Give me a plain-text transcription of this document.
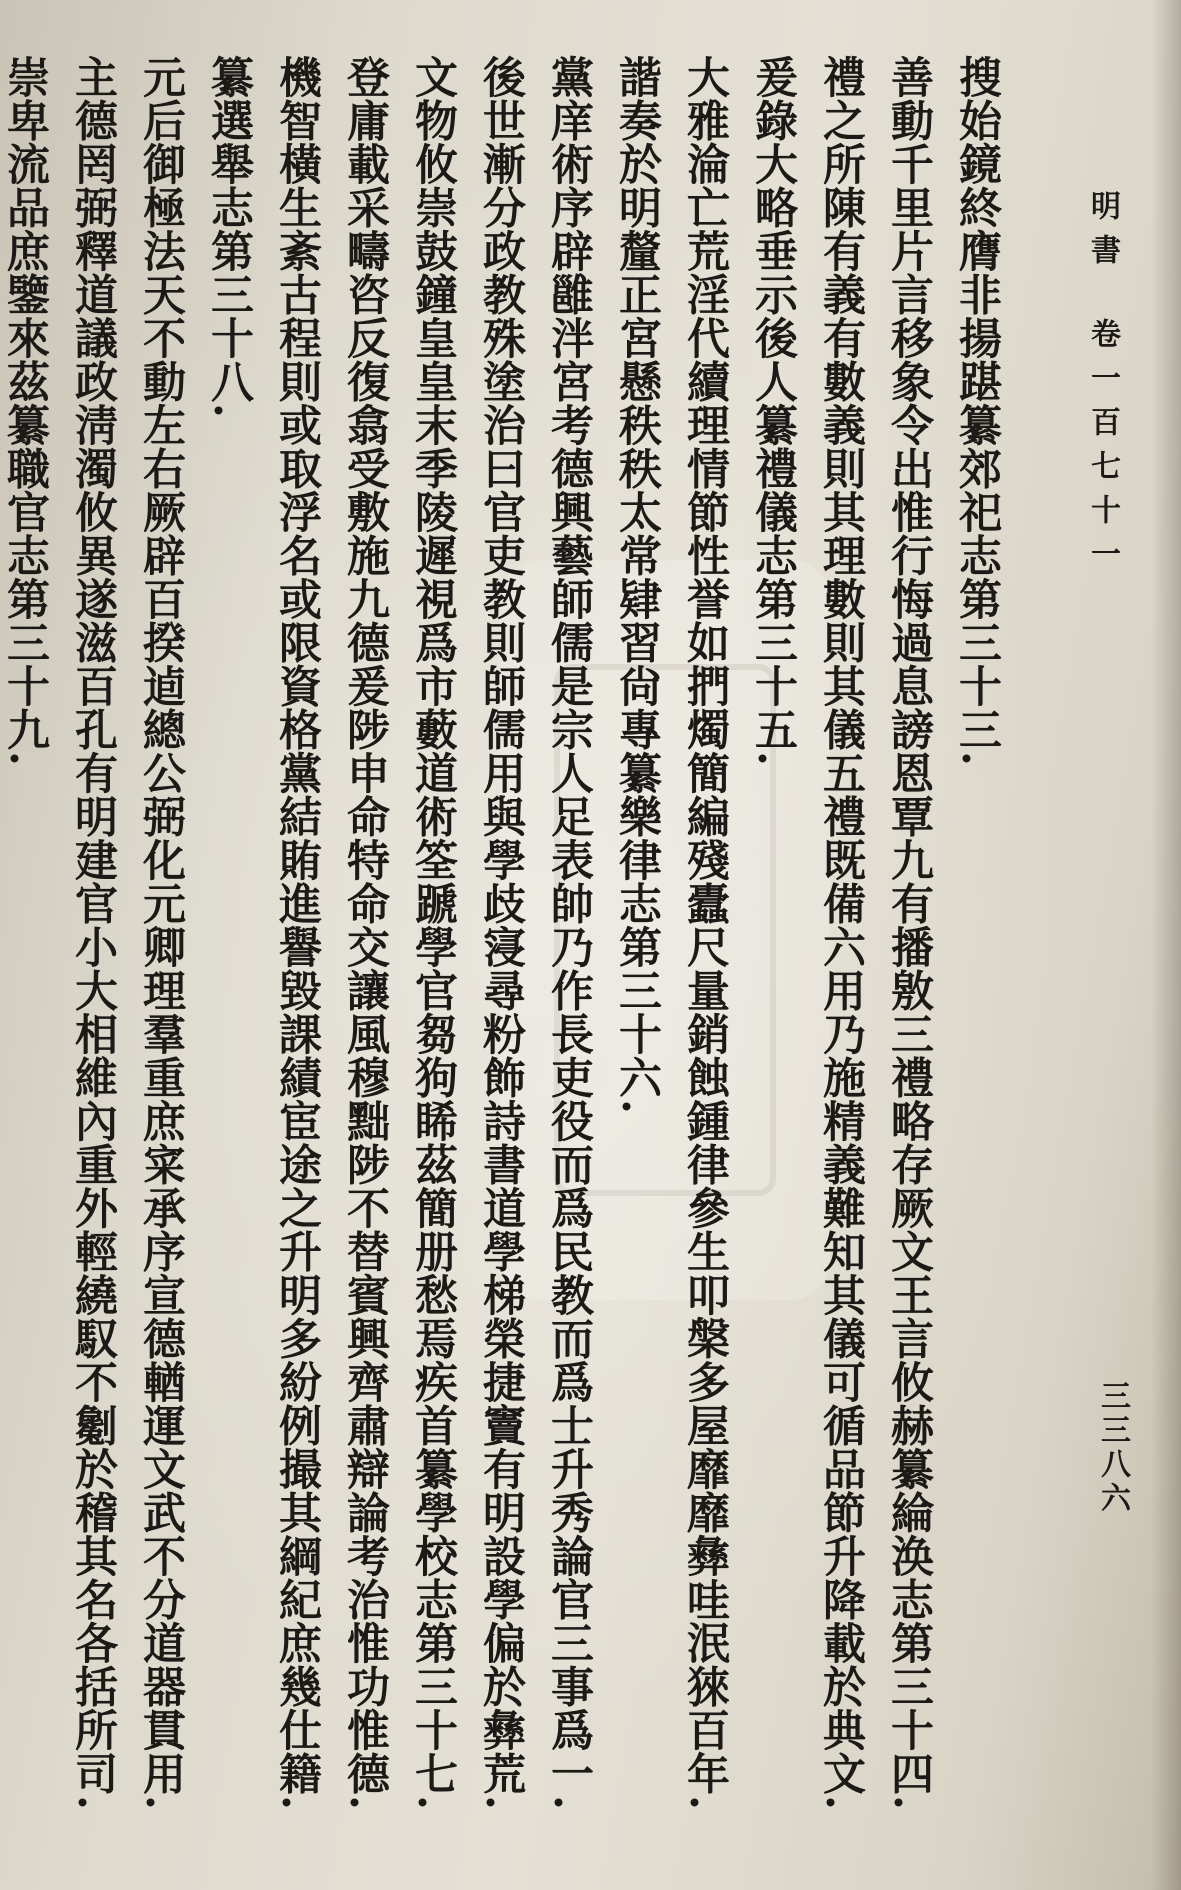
明書卷一百七十一
三三八六
搜始鏡終膺非揚踸纂郊祀志第三十三.
善動千里片言移象令出惟行悔過息謗恩覃九有播敫三禮略存厥文王言攸赫纂綸涣志第三十四.
禮之所陳有義有數義則其理數則其儀五禮既備六用乃施精義難知其儀可循品節升降載於典文.
爰錄大略垂示後人纂禮儀志第三十五.
大雅淪亡荒淫代續理情節性誉如捫燭簡編殘蠹尺量銷蝕鍾律參生叩槃多屋靡靡彝哇泯猍百年.
諧奏於明釐正宮懸秩秩太常肄習尙專纂樂律志第三十六.
黨庠術序辟雝泮宮考德興藝師儒是宗人足表帥乃作長吏役而爲民教而爲士升秀論官三事爲一.
後世漸分政教殊塗治曰官吏教則師儒用與學歧寖尋粉飾詩書道學梯榮捷竇有明設學偏於彝荒.
文物攸崇鼓鐘皇皇末季陵遲視爲市藪道術筌蹏學官芻狗睎茲簡册愁焉疾首纂學校志第三十七.
登庸載采疇咨反復翕受敷施九德爰陟申命特命交讓風穆黜陟不替賓興齊肅辯論考治惟功惟德.
機智橫生紊古程則或取浮名或限資格黨結賄進譽毀課績宦途之升明多紛例撮其綱紀庶幾仕籍.
纂選舉志第三十八.
元后御極法天不動左右厥辟百揆逌總公弼化元卿理羣重庶寀承序宣德輶運文武不分道器貫用.
主德罔弼釋道議政淸濁攸異遂滋百孔有明建官小大相維內重外輕繞馭不劖於稽其名各括所司.
崇卑流品庶鑒來茲纂職官志第三十九.
